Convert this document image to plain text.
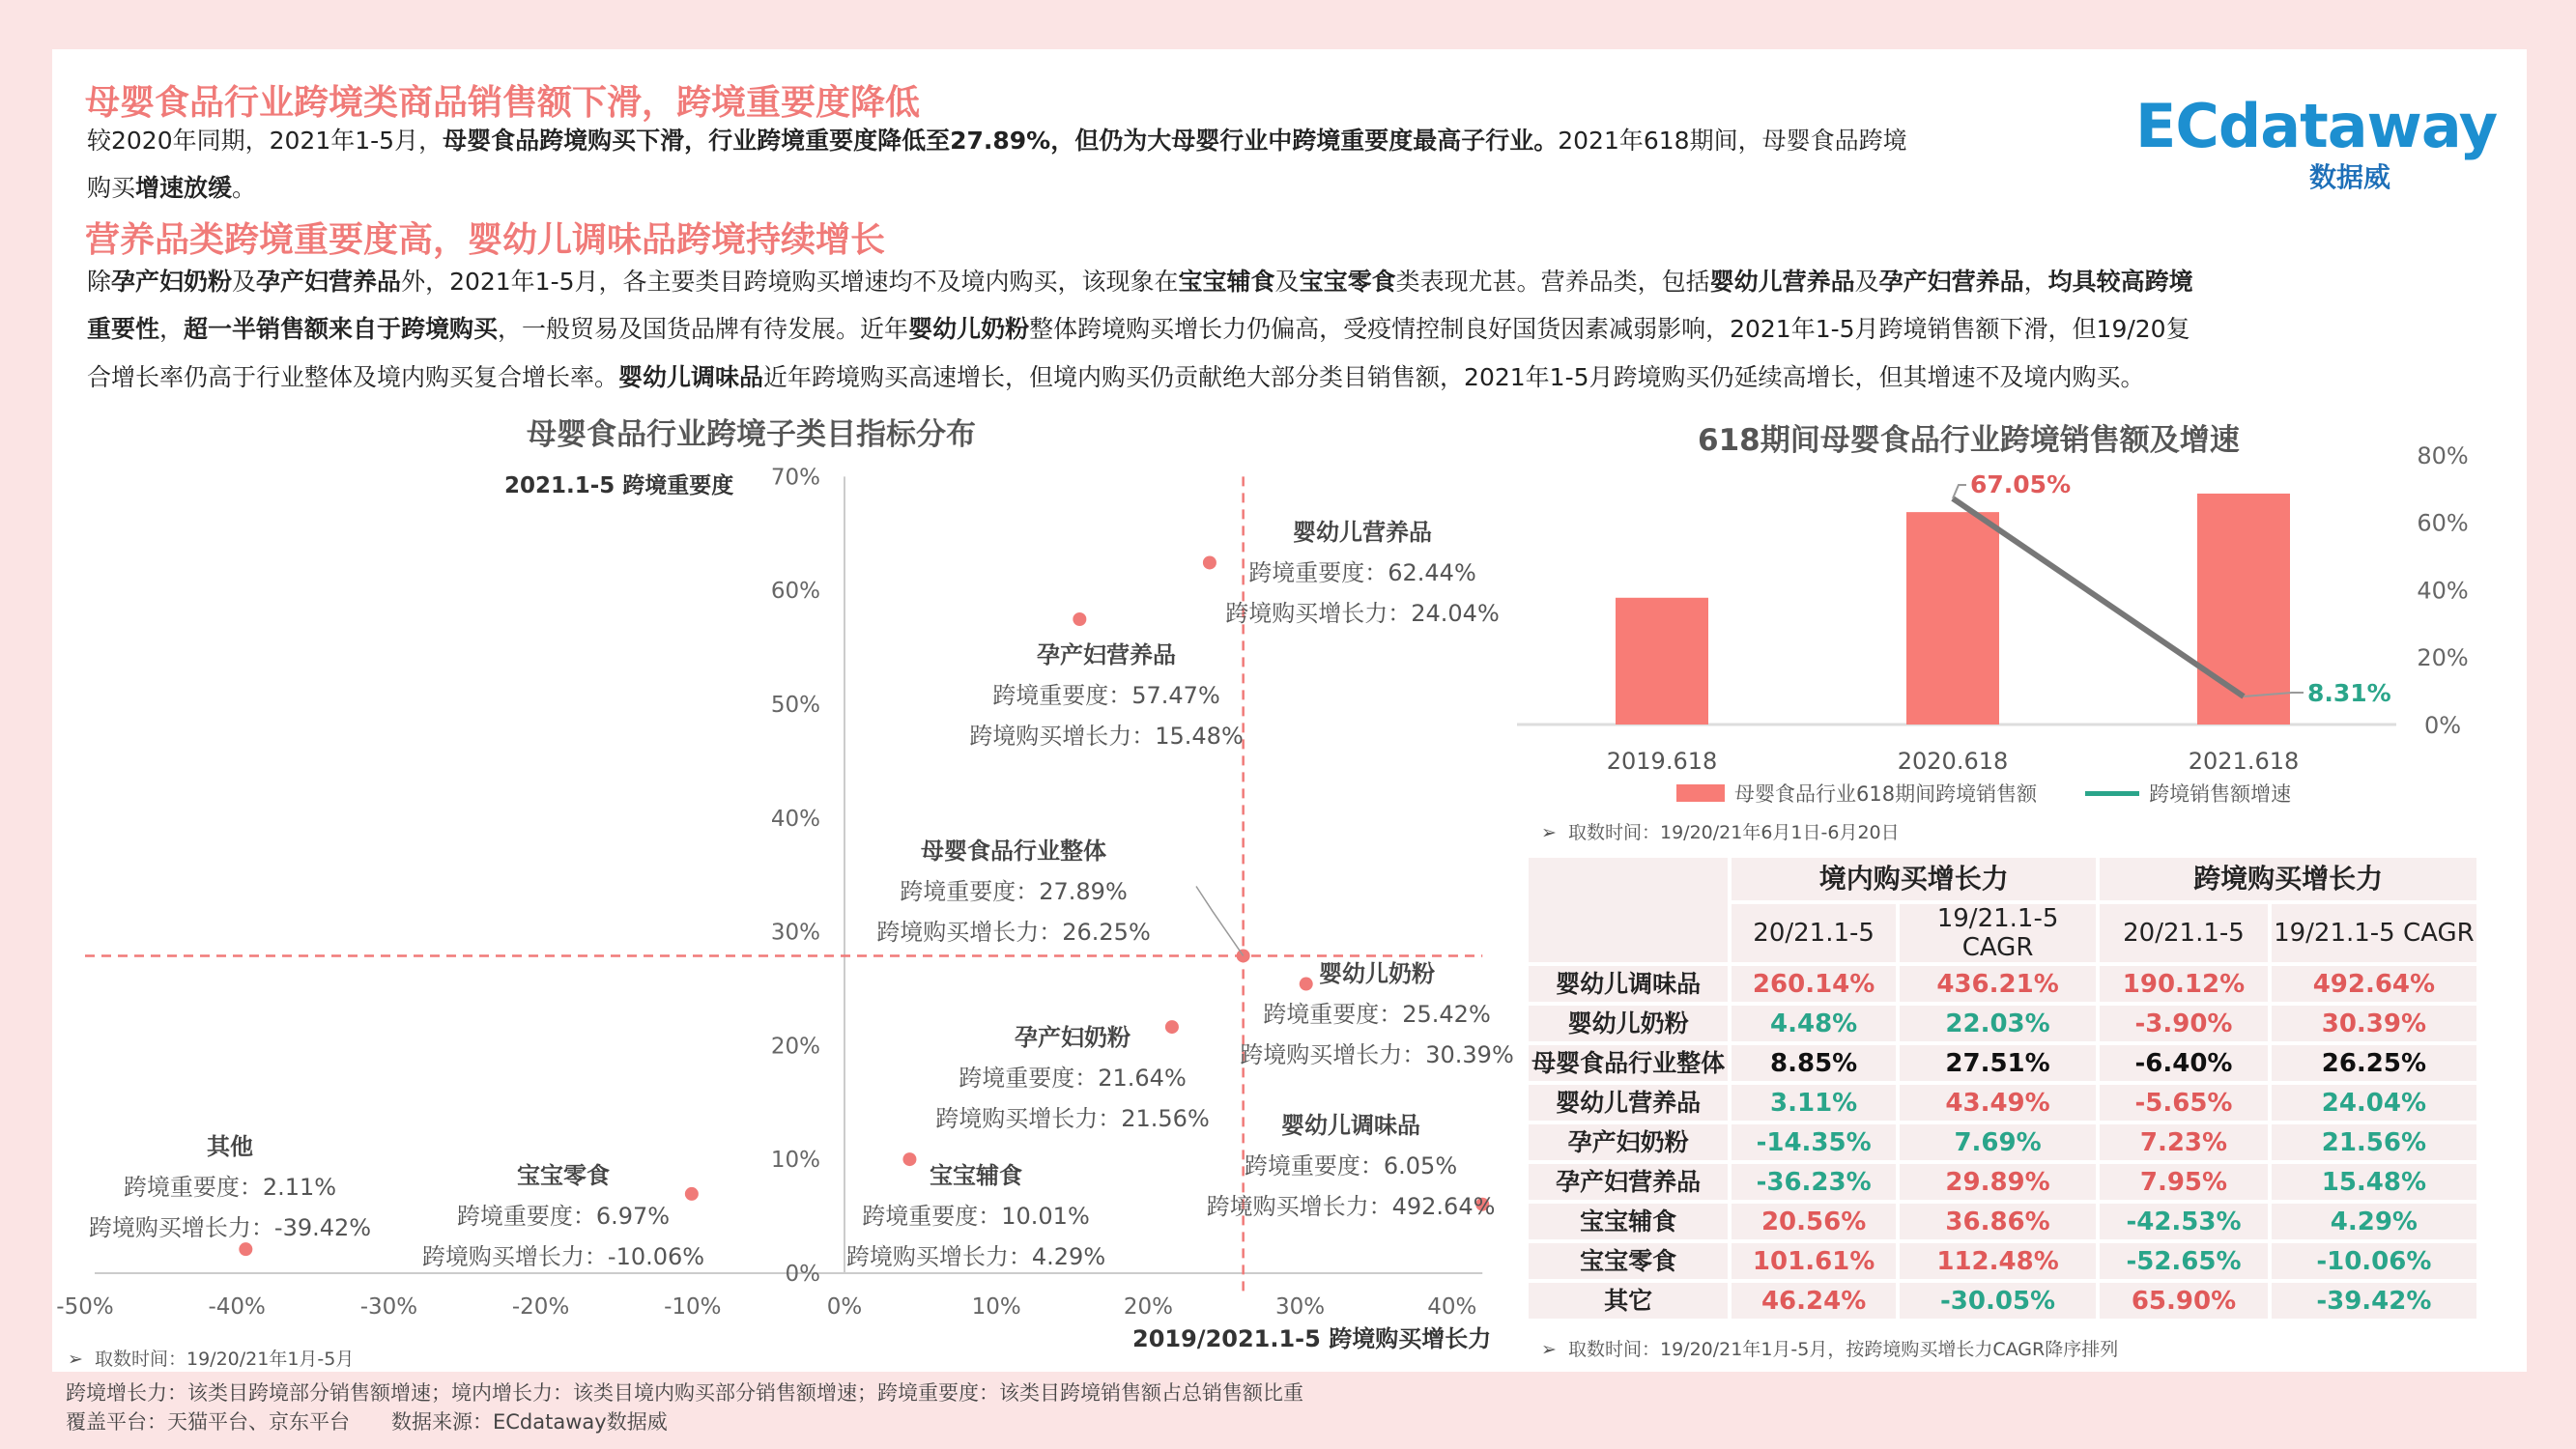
母婴食品行业跨境类商品销售额下滑，跨境重要度降低
较2020年同期，2021年1-5月，母婴食品跨境购买下滑，行业跨境重要度降低至27.89%，但仍为大母婴行业中跨境重要度最高子行业。2021年618期间，母婴食品跨境
购买增速放缓。
营养品类跨境重要度高，婴幼儿调味品跨境持续增长
除孕产妇奶粉及孕产妇营养品外，2021年1-5月，各主要类目跨境购买增速均不及境内购买，该现象在宝宝辅食及宝宝零食类表现尤甚。营养品类，包括婴幼儿营养品及孕产妇营养品，均具较高跨境
重要性，超一半销售额来自于跨境购买，一般贸易及国货品牌有待发展。近年婴幼儿奶粉整体跨境购买增长力仍偏高，受疫情控制良好国货因素减弱影响，2021年1-5月跨境销售额下滑，但19/20复
合增长率仍高于行业整体及境内购买复合增长率。婴幼儿调味品近年跨境购买高速增长，但境内购买仍贡献绝大部分类目销售额，2021年1-5月跨境购买仍延续高增长，但其增速不及境内购买。
ECdataway
数据威
母婴食品行业跨境子类目指标分布
2021.1-5 跨境重要度
2019/2021.1-5 跨境购买增长力
-50%	-40%	-30%	-20%	-10%	0%	10%	20%	30%	40%
0%
10%
20%
30%
40%
50%
60%
70%
婴幼儿营养品
跨境重要度：62.44%
跨境购买增长力：24.04%
孕产妇营养品
跨境重要度：57.47%
跨境购买增长力：15.48%
母婴食品行业整体
跨境重要度：27.89%
跨境购买增长力：26.25%
婴幼儿奶粉
跨境重要度：25.42%
跨境购买增长力：30.39%
孕产妇奶粉
跨境重要度：21.64%
跨境购买增长力：21.56%	婴幼儿调味品
跨境重要度：6.05%
跨境购买增长力：492.64%
宝宝辅食
跨境重要度：10.01%
跨境购买增长力：4.29%
宝宝零食
跨境重要度：6.97%
跨境购买增长力：-10.06%
其他
跨境重要度：2.11%
跨境购买增长力：-39.42%
➢  取数时间：19/20/21年1月-5月
618期间母婴食品行业跨境销售额及增速
2019.618	2020.618	2021.618
0%
20%
40%
60%
80%
67.05%
8.31%
母婴食品行业618期间跨境销售额	跨境销售额增速
➢  取数时间：19/20/21年6月1日-6月20日
	境内购买增长力		跨境购买增长力	
	20/21.1-5	19/21.1-5 CAGR	20/21.1-5	19/21.1-5 CAGR
婴幼儿调味品	260.14%	436.21%	190.12%	492.64%
婴幼儿奶粉	4.48%	22.03%	-3.90%	30.39%
母婴食品行业整体	8.85%	27.51%	-6.40%	26.25%
婴幼儿营养品	3.11%	43.49%	-5.65%	24.04%
孕产妇奶粉	-14.35%	7.69%	7.23%	21.56%
孕产妇营养品	-36.23%	29.89%	7.95%	15.48%
宝宝辅食	20.56%	36.86%	-42.53%	4.29%
宝宝零食	101.61%	112.48%	-52.65%	-10.06%
其它	46.24%	-30.05%	65.90%	-39.42%
➢  取数时间：19/20/21年1月-5月，按跨境购买增长力CAGR降序排列
跨境增长力：该类目跨境部分销售额增速；境内增长力：该类目境内购买部分销售额增速；跨境重要度：该类目跨境销售额占总销售额比重
覆盖平台：天猫平台、京东平台 数据来源：ECdataway数据威
